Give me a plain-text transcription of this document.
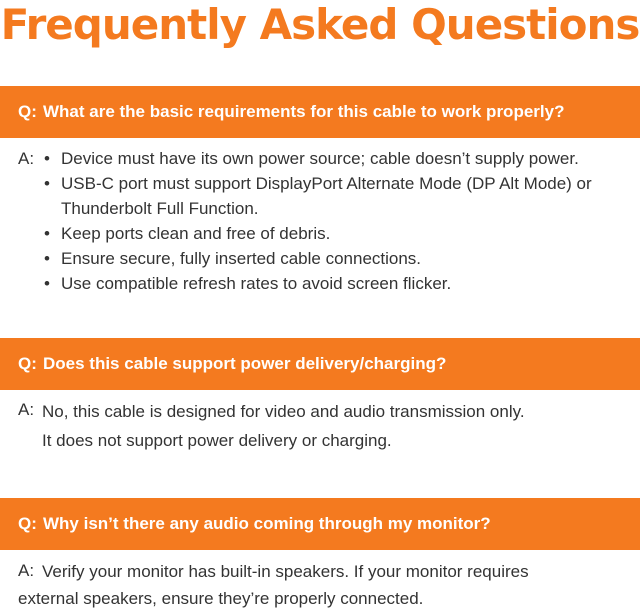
Frequently Asked Questions
Q: What are the basic requirements for this cable to work properly?
A:
•	Device must have its own power source; cable doesn’t supply power.
• USB-C port must support DisplayPort Alternate Mode (DP Alt Mode) or Thunderbolt Full Function.
• Keep ports clean and free of debris.
• Ensure secure, fully inserted cable connections.
• Use compatible refresh rates to avoid screen flicker.
Q: Does this cable support power delivery/charging?
A: No, this cable is designed for video and audio transmission only.
It does not support power delivery or charging.
Q: Why isn’t there any audio coming through my monitor?
A: Verify your monitor has built-in speakers. If your monitor requires
external speakers, ensure they’re properly connected.
